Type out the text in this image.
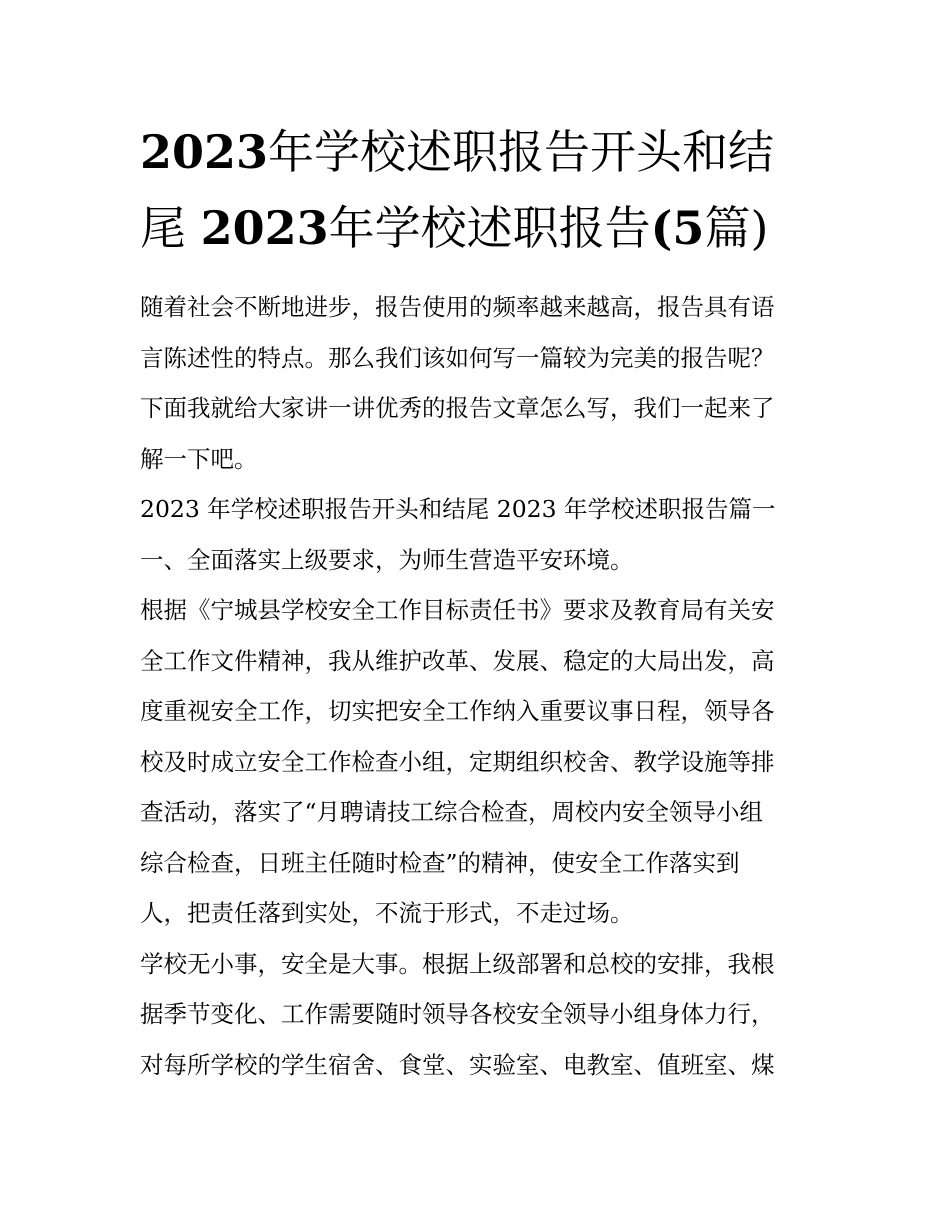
2023年学校述职报告开头和结
尾 2023年学校述职报告(5篇)
随着社会不断地进步，报告使用的频率越来越高，报告具有语
言陈述性的特点。那么我们该如何写一篇较为完美的报告呢？
下面我就给大家讲一讲优秀的报告文章怎么写，我们一起来了
解一下吧。
2023 年学校述职报告开头和结尾 2023 年学校述职报告篇一
一、全面落实上级要求，为师生营造平安环境。
根据《宁城县学校安全工作目标责任书》要求及教育局有关安
全工作文件精神，我从维护改革、发展、稳定的大局出发，高
度重视安全工作，切实把安全工作纳入重要议事日程，领导各
校及时成立安全工作检查小组，定期组织校舍、教学设施等排
查活动，落实了“月聘请技工综合检查，周校内安全领导小组
综合检查，日班主任随时检查”的精神，使安全工作落实到
人，把责任落到实处，不流于形式，不走过场。
学校无小事，安全是大事。根据上级部署和总校的安排，我根
据季节变化、工作需要随时领导各校安全领导小组身体力行，
对每所学校的学生宿舍、食堂、实验室、电教室、值班室、煤
